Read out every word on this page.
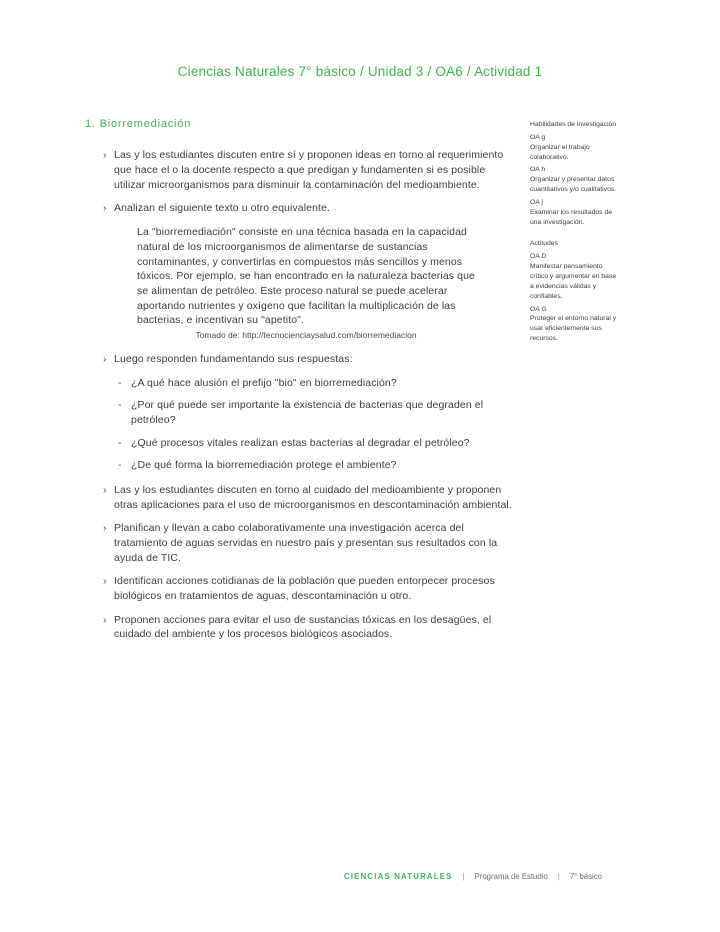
Ciencias Naturales 7° básico / Unidad 3 / OA6 / Actividad 1
1. Biorremediación
› Las y los estudiantes discuten entre sí y proponen ideas en torno al requerimiento que hace el o la docente respecto a que predigan y fundamenten si es posible utilizar microorganismos para disminuir la contaminación del medioambiente.
› Analizan el siguiente texto u otro equivalente.
La "biorremediación" consiste en una técnica basada en la capacidad natural de los microorganismos de alimentarse de sustancias contaminantes, y convertirlas en compuestos más sencillos y menos tóxicos. Por ejemplo, se han encontrado en la naturaleza bacterias que se alimentan de petróleo. Este proceso natural se puede acelerar aportando nutrientes y oxígeno que facilitan la multiplicación de las bacterias, e incentivan su "apetito".
Tomado de: http://tecnocienciaysalud.com/biorremediacion
› Luego responden fundamentando sus respuestas:
- ¿A qué hace alusión el prefijo "bio" en biorremediación?
- ¿Por qué puede ser importante la existencia de bacterias que degraden el petróleo?
- ¿Qué procesos vitales realizan estas bacterias al degradar el petróleo?
- ¿De qué forma la biorremediación protege el ambiente?
› Las y los estudiantes discuten en torno al cuidado del medioambiente y proponen otras aplicaciones para el uso de microorganismos en descontaminación ambiental.
› Planifican y llevan a cabo colaborativamente una investigación acerca del tratamiento de aguas servidas en nuestro país y presentan sus resultados con la ayuda de TIC.
› Identifican acciones cotidianas de la población que pueden entorpecer procesos biológicos en tratamientos de aguas, descontaminación u otro.
› Proponen acciones para evitar el uso de sustancias tóxicas en los desagües, el cuidado del ambiente y los procesos biológicos asociados.
Habilidades de investigación
OA g
Organizar el trabajo colaborativo.
OA h
Organizar y presentar datos cuantitativos y/o cualitativos.
OA j
Examinar los resultados de una investigación.
Actitudes
OA D
Manifestar pensamiento crítico y argumentar en base a evidencias válidas y confiables.
OA G
Proteger el entorno natural y usar eficientemente sus recursos.
CIENCIAS NATURALES | Programa de Estudio | 7° básico
